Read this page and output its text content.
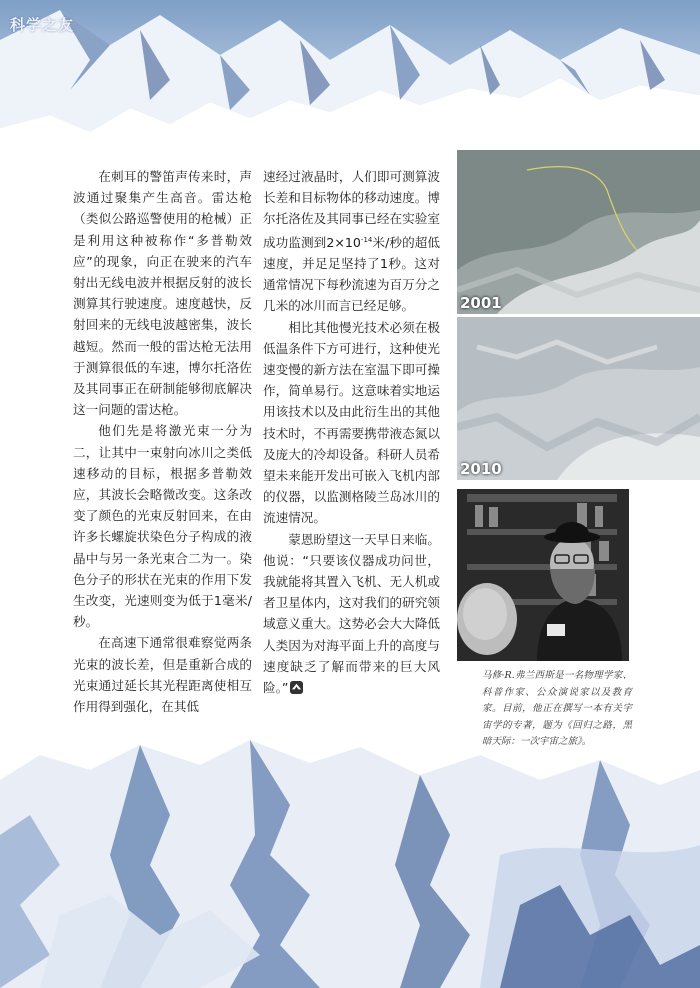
科学之友

在刺耳的警笛声传来时，声波通过聚集产生高音。雷达枪（类似公路巡警使用的枪械）正是利用这种被称作“多普勒效应”的现象，向正在驶来的汽车射出无线电波并根据反射的波长测算其行驶速度。速度越快，反射回来的无线电波越密集，波长越短。然而一般的雷达枪无法用于测算很低的车速，博尔托洛佐及其同事正在研制能够彻底解决这一问题的雷达枪。

他们先是将激光束一分为二，让其中一束射向冰川之类低速移动的目标，根据多普勒效应，其波长会略微改变。这条改变了颜色的光束反射回来，在由许多长螺旋状染色分子构成的液晶中与另一条光束合二为一。染色分子的形状在光束的作用下发生改变，光速则变为低于1毫米/秒。

在高速下通常很难察觉两条光束的波长差，但是重新合成的光束通过延长其光程距离使相互作用得到强化，在其低

速经过液晶时，人们即可测算波长差和目标物体的移动速度。博尔托洛佐及其同事已经在实验室成功监测到$2\times 10^{-14}$米/秒的超低速度，并足足坚持了1秒。这对通常情况下每秒流速为百万分之几米的冰川而言已经足够。

相比其他慢光技术必须在极低温条件下方可进行，这种使光速变慢的新方法在室温下即可操作，简单易行。这意味着实地运用该技术以及由此衍生出的其他技术时，不再需要携带液态氮以及庞大的冷却设备。科研人员希望未来能开发出可嵌入飞机内部的仪器，以监测格陵兰岛冰川的流速情况。

蒙恩盼望这一天早日来临。他说：“只要该仪器成功问世，我就能将其置入飞机、无人机或者卫星体内，这对我们的研究领域意义重大。这势必会大大降低人类因为对海平面上升的高度与速度缺乏了解而带来的巨大风险。”

2001
2010
马修·R.弗兰西斯是一名物理学家、科普作家、公众演说家以及教育家。目前，他正在撰写一本有关宇宙学的专著，题为《回归之路，黑暗天际：一次宇宙之旅》。
